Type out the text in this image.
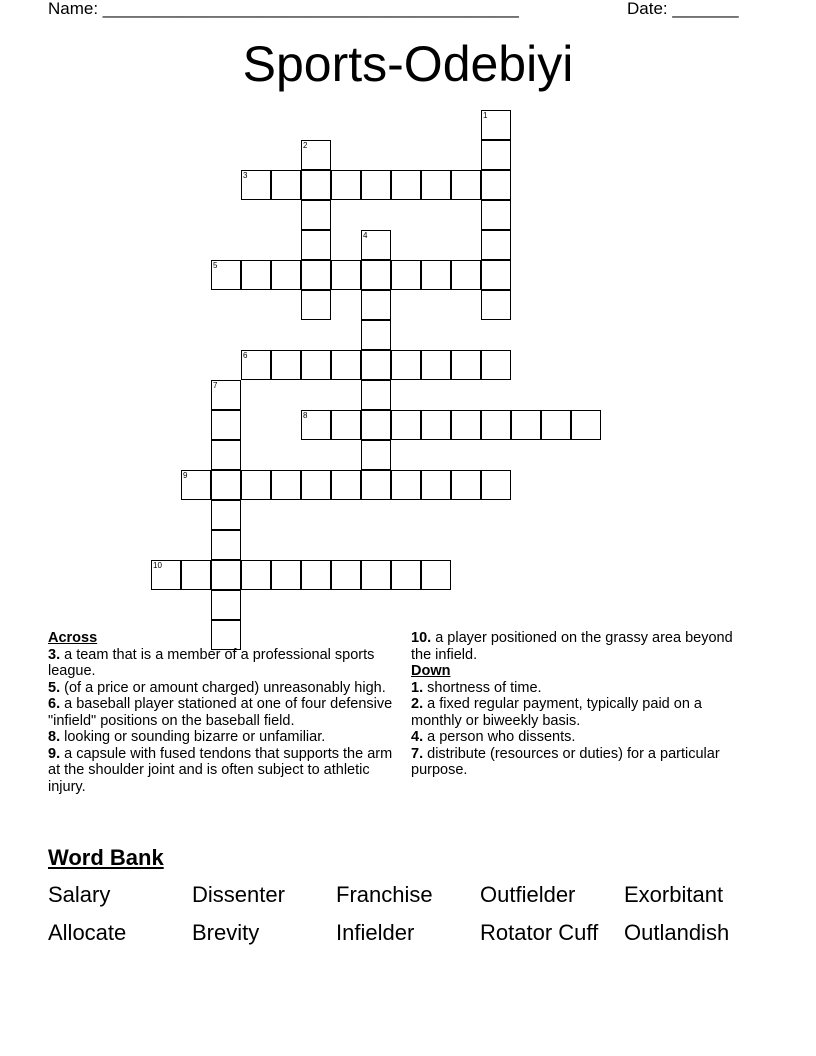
Name: ____________________________________________	Date: _______
Sports-Odebiyi
1
2
3
4
5
6
7
8
9
10
Across
3. a team that is a member of a professional sports league.
5. (of a price or amount charged) unreasonably high.
6. a baseball player stationed at one of four defensive "infield" positions on the baseball field.
8. looking or sounding bizarre or unfamiliar.
9. a capsule with fused tendons that supports the arm at the shoulder joint and is often subject to athletic injury.
10. a player positioned on the grassy area beyond the infield.
Down
1. shortness of time.
2. a fixed regular payment, typically paid on a monthly or biweekly basis.
4. a person who dissents.
7. distribute (resources or duties) for a particular purpose.
Word Bank
Salary	Dissenter	Franchise	Outfielder	Exorbitant
Allocate	Brevity	Infielder	Rotator Cuff	Outlandish
